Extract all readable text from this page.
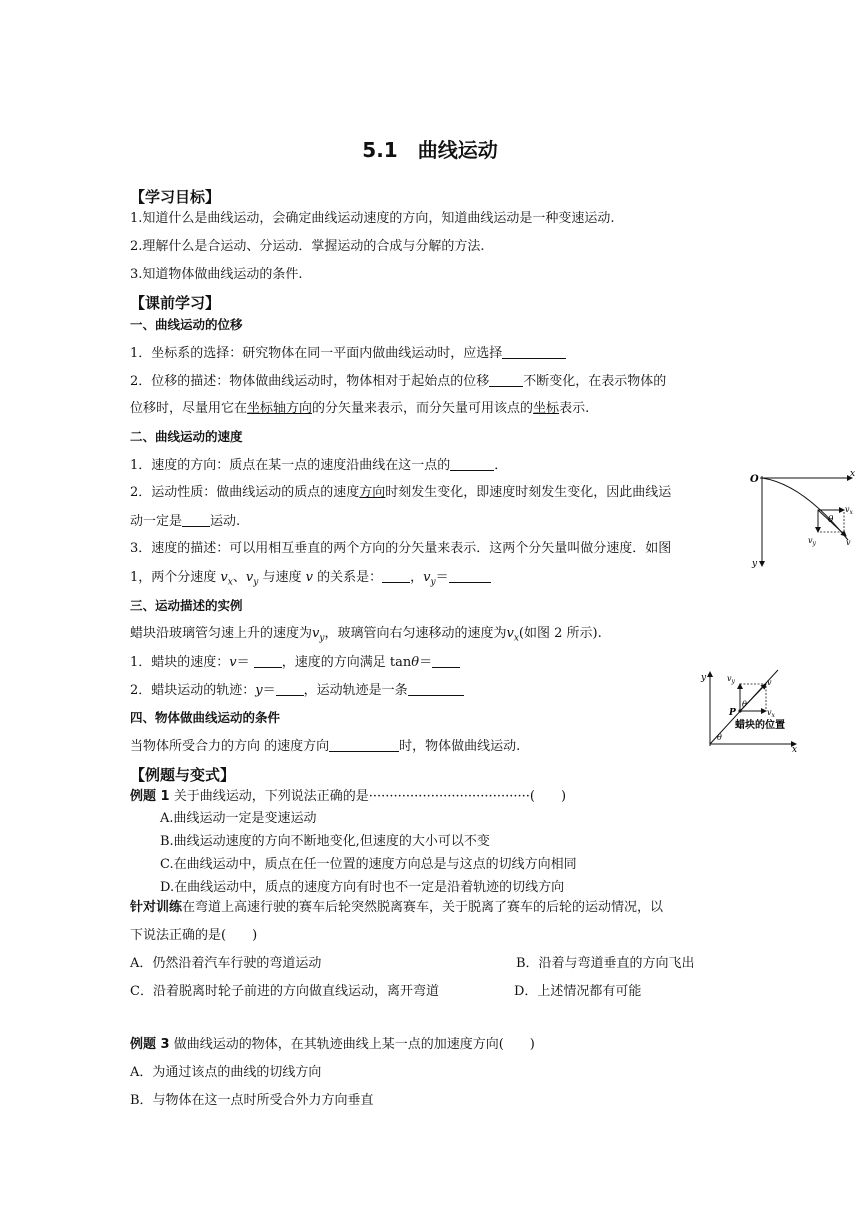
5.1　曲线运动
【学习目标】
1.知道什么是曲线运动，会确定曲线运动速度的方向，知道曲线运动是一种变速运动.
2.理解什么是合运动、分运动．掌握运动的合成与分解的方法.
3.知道物体做曲线运动的条件.
【课前学习】
一、曲线运动的位移
1．坐标系的选择：研究物体在同一平面内做曲线运动时，应选择
2．位移的描述：物体做曲线运动时，物体相对于起始点的位移	不断变化，在表示物体的
位移时，尽量用它在坐标轴方向的分矢量来表示，而分矢量可用该点的坐标表示.
二、曲线运动的速度
1．速度的方向：质点在某一点的速度沿曲线在这一点的	．
2．运动性质：做曲线运动的质点的速度方向时刻发生变化，即速度时刻发生变化，因此曲线运
动一定是 运动.
3．速度的描述：可以用相互垂直的两个方向的分矢量来表示．这两个分矢量叫做分速度．如图
1，两个分速度 $v_x$、$v_y$ 与速度 v 的关系是： ，$v_y=$
三、运动描述的实例
蜡块沿玻璃管匀速上升的速度为$v_y$，玻璃管向右匀速移动的速度为$v_x$(如图 2 所示).
1．蜡块的速度：v＝ ，速度的方向满足 tanθ＝
2．蜡块运动的轨迹：y＝ ，运动轨迹是一条
四、物体做曲线运动的条件
当物体所受合力的方向 的速度方向	时，物体做曲线运动.
【例题与变式】
例题 1 关于曲线运动，下列说法正确的是·······································(　　)
A.曲线运动一定是变速运动
B.曲线运动速度的方向不断地变化,但速度的大小可以不变
C.在曲线运动中，质点在任一位置的速度方向总是与这点的切线方向相同
D.在曲线运动中，质点的速度方向有时也不一定是沿着轨迹的切线方向
针对训练在弯道上高速行驶的赛车后轮突然脱离赛车，关于脱离了赛车的后轮的运动情况，以
下说法正确的是(　　)
A．仍然沿着汽车行驶的弯道运动	B．沿着与弯道垂直的方向飞出
C．沿着脱离时轮子前进的方向做直线运动，离开弯道	D．上述情况都有可能
例题 3 做曲线运动的物体，在其轨迹曲线上某一点的加速度方向(　　)
A．为通过该点的曲线的切线方向
B．与物体在这一点时所受合外力方向垂直
O	x
y
θ
$v_x$
$v_y$	v
y
x
$v_y$
$v_x$
v
P
θ
θ
蜡块的位置
